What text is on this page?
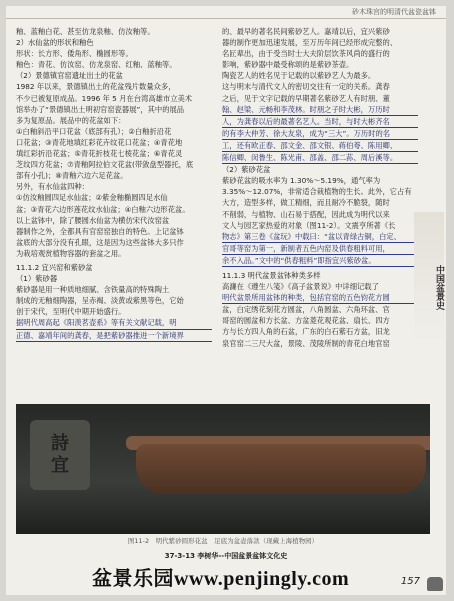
砂木珠宫的明清代盆瓷盆钵
釉、蓝釉白花、甚至仿龙泉釉、仿汝釉等。
2）水仙盆的形状和釉色
形状：长方形、倭角形、椭圆形等。
釉色：青花、仿汝窑、仿龙泉窑、红釉、蓝釉等。
（2）景德镇官窑遗址出土的花盆
1982 年以来，景德镇出土的花盆残片数量众多，
不少已被复原成品。1996 年 5 月在台湾高雄市立美术
馆举办了“景德镇出土明初官窑瓷器展”，其中的展品
多为复原品。展品中的花盆如下：
①白釉斜沿平口花盆（底部有孔）；②白釉折沿花
口花盆；③青花地填红彩花卉纹花口花盆；④青花地
填红彩折沿花盆；⑤青花折枝花七棱花盆；⑥青花灵
芝纹四方花盆；⑦青釉阿拉伯文花盆(带敛盘型器托，底
部有小孔)；⑧青釉六边六足花盆。
另外，有水仙盆四种：
①仿汝釉圆四足水仙盆；②紫金釉椭圆四足水仙
盆；③青花六边形莲花纹水仙盆；④白釉六边形花盆。
以上盆钵中，除了腰圆水仙盆为横仿宋代汝窑盆
器制作之外，全都具有官窑窑独自的特色。上记盆钵
盆底的大部分没有孔眼，这是因为这些盆钵大多只作
为栽培观赏植物容器的套盆之用。
11.1.2 宜兴窑和紫砂盆
（1）紫砂器
紫砂器是用一种质地细腻、含铁量高的特殊陶土
制成的无釉细陶器，呈赤褐、淡黄或紫黑等色，它始
创于宋代，至明代中期开始盛行。
据明代周高起《阳羡茗壶系》等有关文献记载，明
正德、嘉靖年间的龚春，是把紫砂器推进一个新境界
的、最早的著名民间紫砂艺人。嘉靖以后，宜兴紫砂
器的制作更加迅速发展，至万历年间已经形成完整的、
名匠辈出，由于受当时士大夫阶层饮茶风尚的盛行的
影响，紫砂器中最受称颂的是紫砂茶壶。
陶瓷艺人的姓名见于记载的以紫砂艺人为最多。
这与明末与清代文人的密切交往有一定的关系。龚春
之后，见于文字记载的早期著名紫砂艺人有时朋、董
翰、赵梁、元畅和李茂林。时朋之子时大彬，万历时
人，为龚春以后的最著名艺人。当时，与时大彬齐名
的有李大仲芳、徐大友泉，成为“三大”。万历时的名
工，还有欧正春、邵文金、邵文银、蒋伯荂、陈用卿、
陈信卿、闵鲁生、陈光甫、邵盖、邵二荪、周后溪等。
（2）紫砂花盆
紫砂花盆的吸水率为 1.30%～5.19%，通气率为
3.35%～12.07%，非常适合栽植物的生长。此外，它占有
大方，造型多样，做工精细，而且耐冷不脆裂，随时
不削弱，与植物、山石易于搭配，因此成为明代以来
文人与园艺家热爱的对象（图11-2）。文震亨所著《长
物志》第三卷《盆玩》中载曰：“盆以青绿古铜，白定、
官哥等窑为第一，新制者五色内窑及供春粗料可用，
余不入品。”文中的“供春粗料”即指宜兴紫砂盆。
11.1.3 明代盆景盆钵种类多样
高濂在《遵生八笺》《高子盆景说》中详细记载了
明代盆景所用盆钵的种类，包括官窑的五色钧花方圆
盆，白定绣花刻花方圆盆，八角圆盆、六角环盆、官
哥窑的圆盆和方长盆、方盆菱花观花盆、扇长、四方
方与长方四人角的石盆，广东的白石紫石方盆，旧龙
泉官窑二三尺大盆，景陵、茂陵所制的青花白地官窑
中国盆景史
詩
宜
图11-2　明代紫砂圆形花盆　足底为盆壶落款（现藏上海植物园）
37-3-13 李树华--中国盆景盆钵文化史
盆景乐园www.penjingly.com	157
